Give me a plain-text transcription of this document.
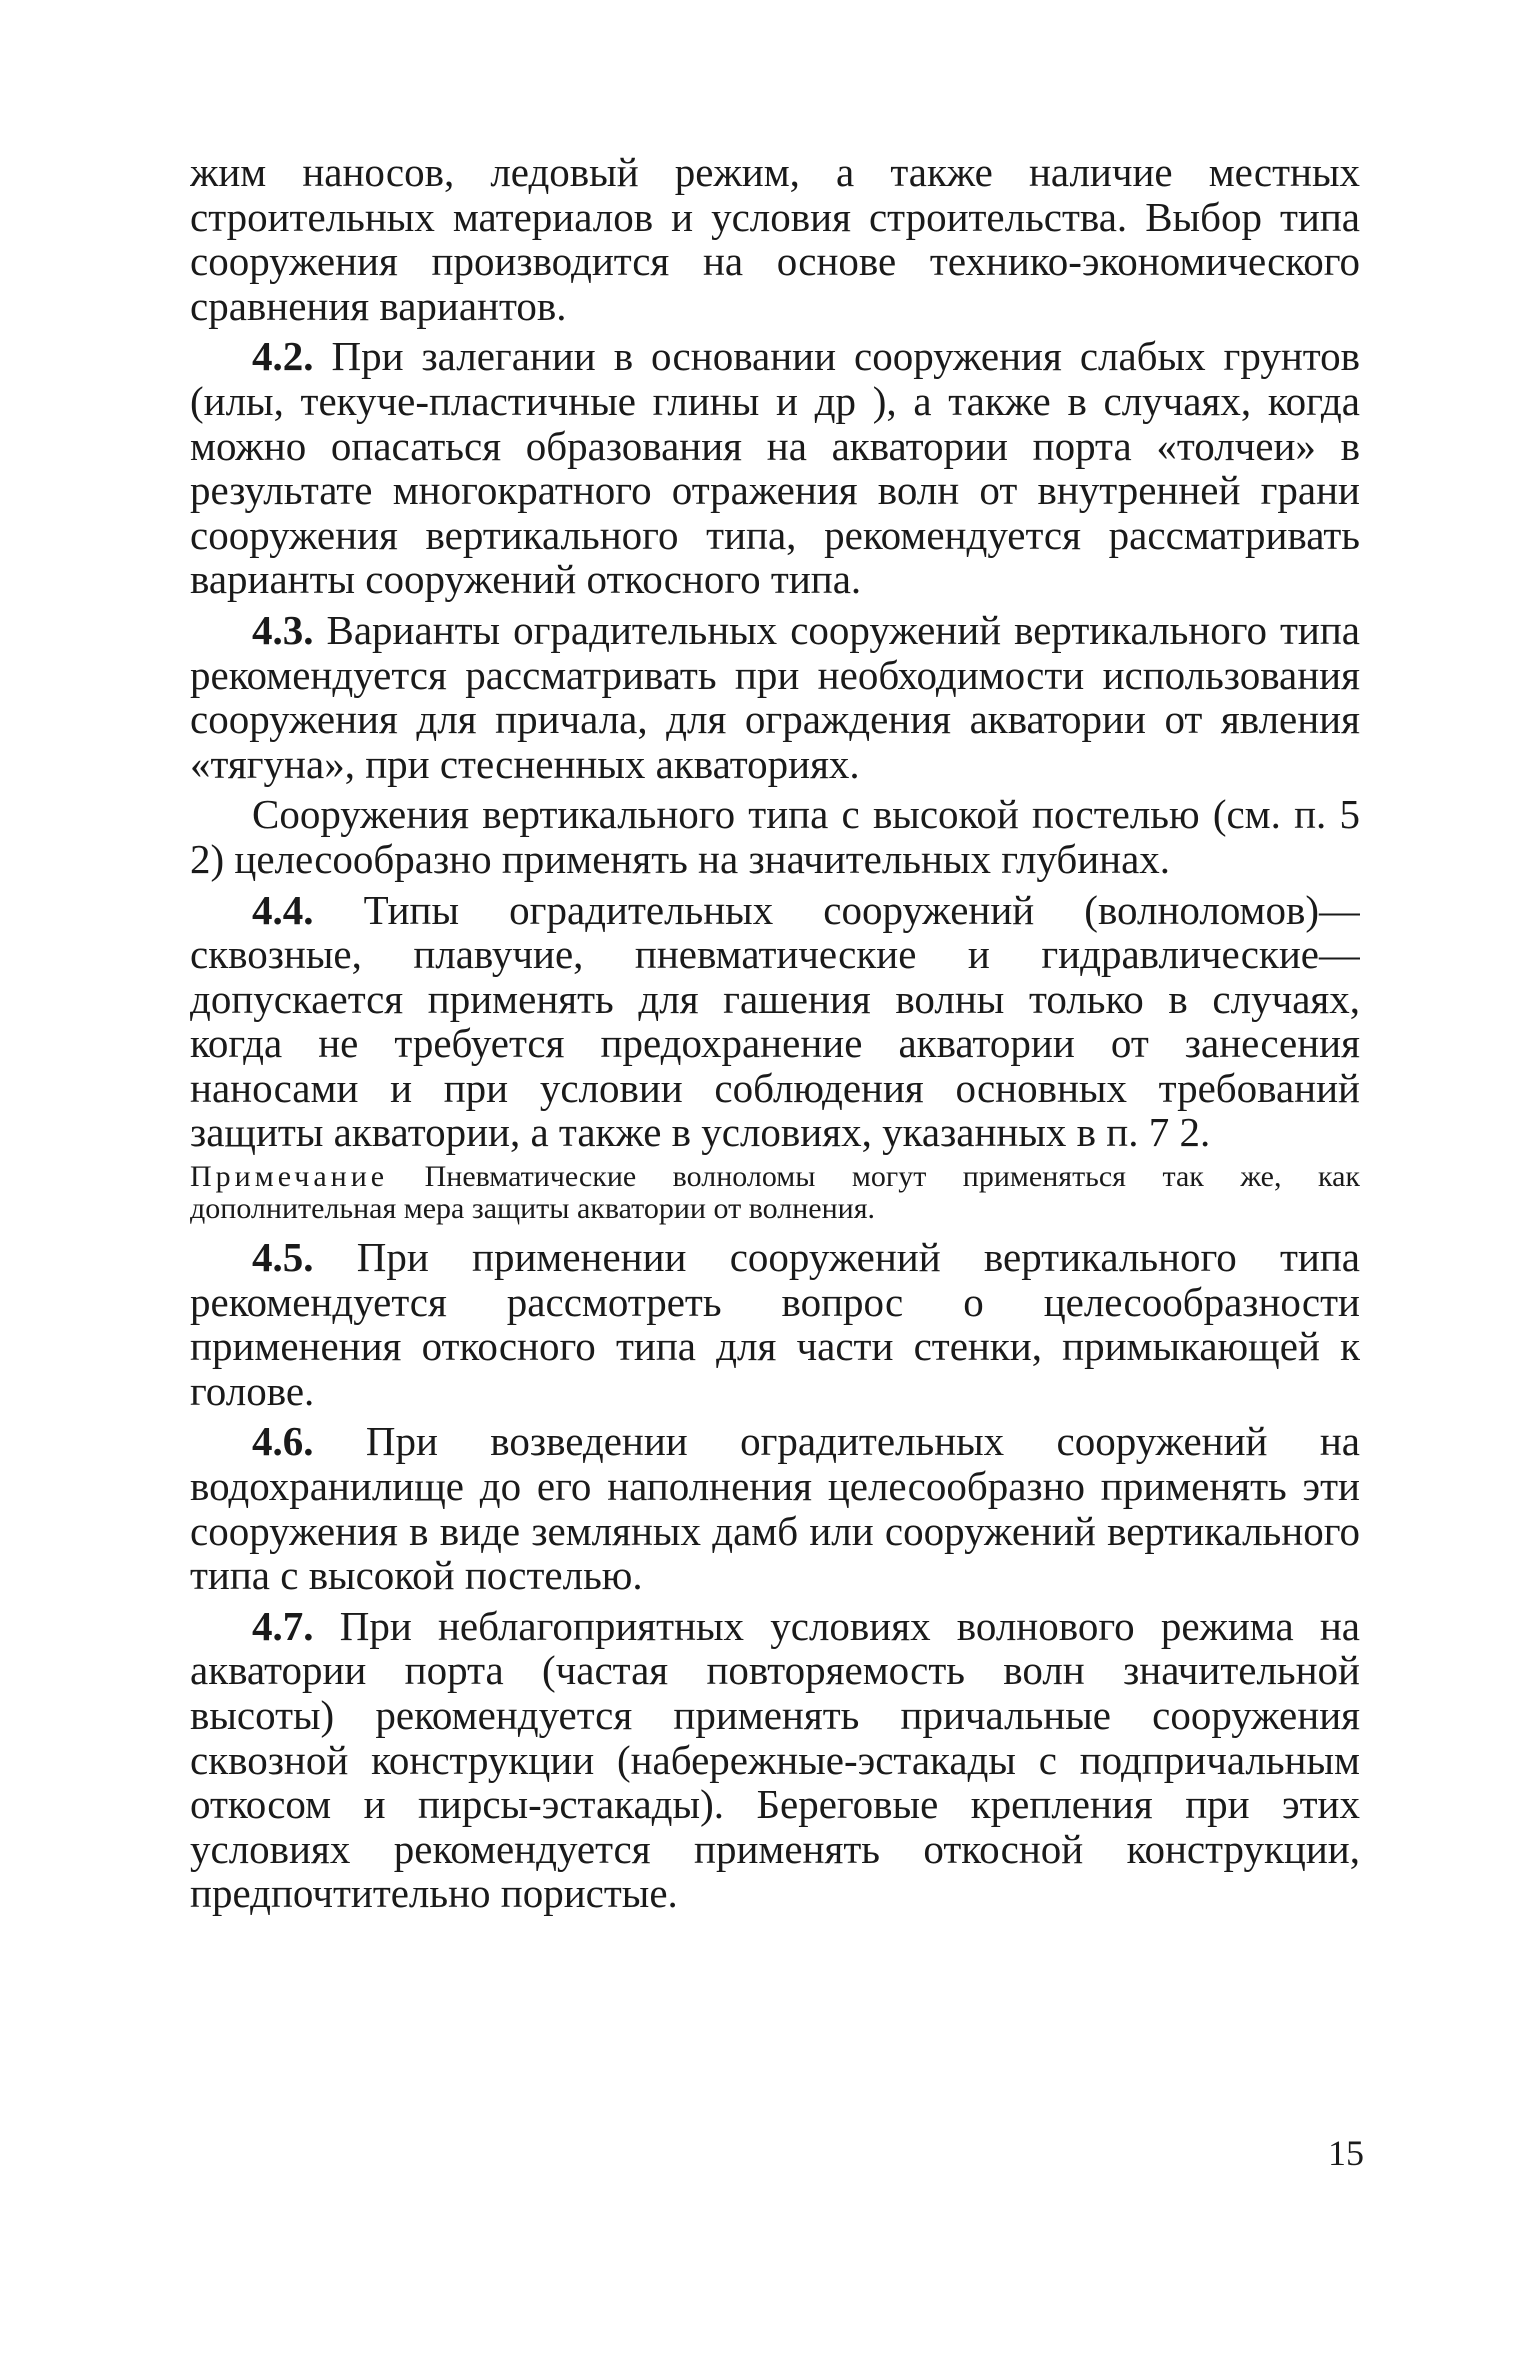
жим наносов, ледовый режим, а также наличие местных строительных материалов и условия строительства. Выбор типа сооружения производится на основе технико-экономического сравнения вариантов.

4.2. При залегании в основании сооружения слабых грунтов (илы, текуче-пластичные глины и др ), а также в случаях, когда можно опасаться образования на акватории порта «толчеи» в результате многократного отражения волн от внутренней грани сооружения вертикального типа, рекомендуется рассматривать варианты сооружений откосного типа.

4.3. Варианты оградительных сооружений вертикального типа рекомендуется рассматривать при необходимости использования сооружения для причала, для ограждения акватории от явления «тягуна», при стесненных акваториях.

Сооружения вертикального типа с высокой постелью (см. п. 5 2) целесообразно применять на значительных глубинах.

4.4. Типы оградительных сооружений (волноломов)— сквозные, плавучие, пневматические и гидравлические— допускается применять для гашения волны только в случаях, когда не требуется предохранение акватории от занесения наносами и при условии соблюдения основных требований защиты акватории, а также в условиях, указанных в п. 7 2.

Примечание Пневматические волноломы могут применяться так же, как дополнительная мера защиты акватории от волнения.

4.5. При применении сооружений вертикального типа рекомендуется рассмотреть вопрос о целесообразности применения откосного типа для части стенки, примыкающей к голове.

4.6. При возведении оградительных сооружений на водохранилище до его наполнения целесообразно применять эти сооружения в виде земляных дамб или сооружений вертикального типа с высокой постелью.

4.7. При неблагоприятных условиях волнового режима на акватории порта (частая повторяемость волн значительной высоты) рекомендуется применять причальные сооружения сквозной конструкции (набережные-эстакады с подпричальным откосом и пирсы-эстакады). Береговые крепления при этих условиях рекомендуется применять откосной конструкции, предпочтительно пористые.

15
